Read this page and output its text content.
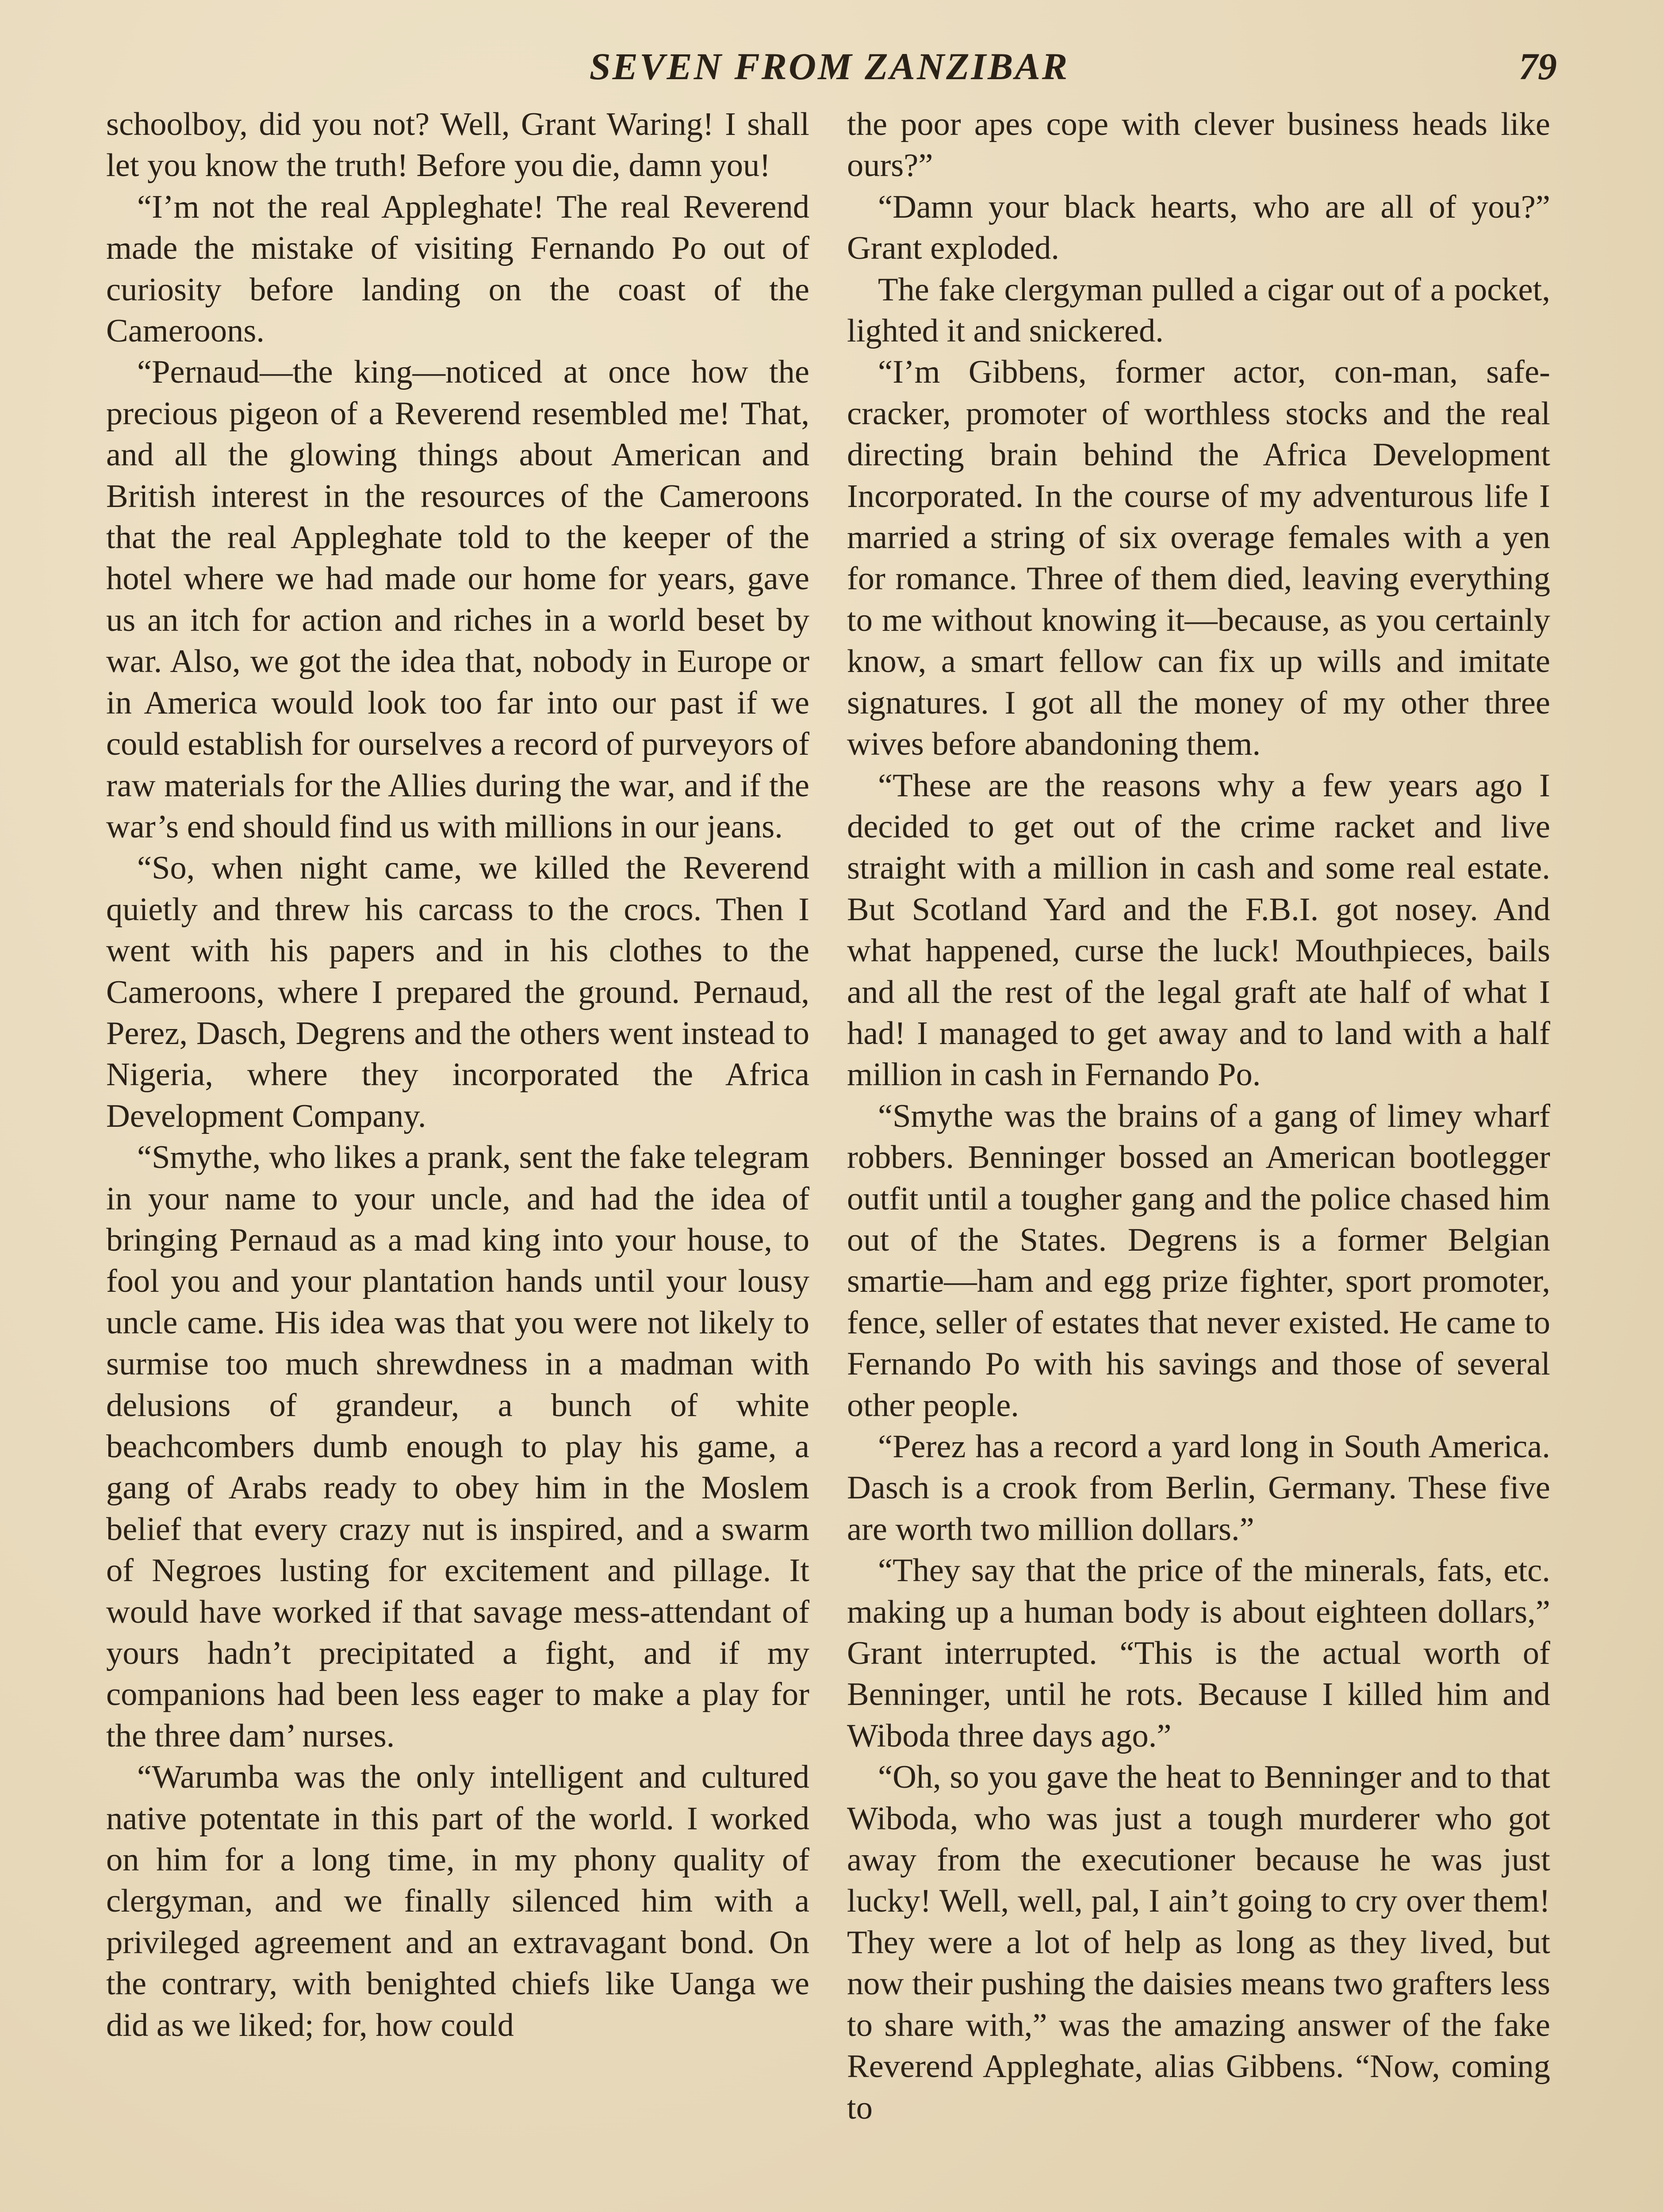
SEVEN FROM ZANZIBAR	79

schoolboy, did you not? Well, Grant Waring! I shall let you know the truth! Before you die, damn you!

“I’m not the real Appleghate! The real Reverend made the mistake of visiting Fernando Po out of curiosity before landing on the coast of the Cameroons.

“Pernaud—the king—noticed at once how the precious pigeon of a Reverend resembled me! That, and all the glowing things about American and British interest in the resources of the Cameroons that the real Appleghate told to the keeper of the hotel where we had made our home for years, gave us an itch for action and riches in a world beset by war. Also, we got the idea that, nobody in Europe or in America would look too far into our past if we could establish for ourselves a record of purveyors of raw materials for the Allies during the war, and if the war’s end should find us with millions in our jeans.

“So, when night came, we killed the Reverend quietly and threw his carcass to the crocs. Then I went with his papers and in his clothes to the Cameroons, where I prepared the ground. Pernaud, Perez, Dasch, Degrens and the others went instead to Nigeria, where they incorporated the Africa Development Company.

“Smythe, who likes a prank, sent the fake telegram in your name to your uncle, and had the idea of bringing Pernaud as a mad king into your house, to fool you and your plantation hands until your lousy uncle came. His idea was that you were not likely to surmise too much shrewdness in a madman with delusions of grandeur, a bunch of white beachcombers dumb enough to play his game, a gang of Arabs ready to obey him in the Moslem belief that every crazy nut is inspired, and a swarm of Negroes lusting for excitement and pillage. It would have worked if that savage mess-attendant of yours hadn’t precipitated a fight, and if my companions had been less eager to make a play for the three dam’ nurses.

“Warumba was the only intelligent and cultured native potentate in this part of the world. I worked on him for a long time, in my phony quality of clergyman, and we finally silenced him with a privileged agreement and an extravagant bond. On the contrary, with benighted chiefs like Uanga we did as we liked; for, how could

the poor apes cope with clever business heads like ours?”

“Damn your black hearts, who are all of you?” Grant exploded.

The fake clergyman pulled a cigar out of a pocket, lighted it and snickered.

“I’m Gibbens, former actor, con-man, safe-cracker, promoter of worthless stocks and the real directing brain behind the Africa Development Incorporated. In the course of my adventurous life I married a string of six overage females with a yen for romance. Three of them died, leaving everything to me without knowing it—because, as you certainly know, a smart fellow can fix up wills and imitate signatures. I got all the money of my other three wives before abandoning them.

“These are the reasons why a few years ago I decided to get out of the crime racket and live straight with a million in cash and some real estate. But Scotland Yard and the F.B.I. got nosey. And what happened, curse the luck! Mouthpieces, bails and all the rest of the legal graft ate half of what I had! I managed to get away and to land with a half million in cash in Fernando Po.

“Smythe was the brains of a gang of limey wharf robbers. Benninger bossed an American bootlegger outfit until a tougher gang and the police chased him out of the States. Degrens is a former Belgian smartie—ham and egg prize fighter, sport promoter, fence, seller of estates that never existed. He came to Fernando Po with his savings and those of several other people.

“Perez has a record a yard long in South America. Dasch is a crook from Berlin, Germany. These five are worth two million dollars.”

“They say that the price of the minerals, fats, etc. making up a human body is about eighteen dollars,” Grant interrupted. “This is the actual worth of Benninger, until he rots. Because I killed him and Wiboda three days ago.”

“Oh, so you gave the heat to Benninger and to that Wiboda, who was just a tough murderer who got away from the executioner because he was just lucky! Well, well, pal, I ain’t going to cry over them! They were a lot of help as long as they lived, but now their pushing the daisies means two grafters less to share with,” was the amazing answer of the fake Reverend Appleghate, alias Gibbens. “Now, coming to
